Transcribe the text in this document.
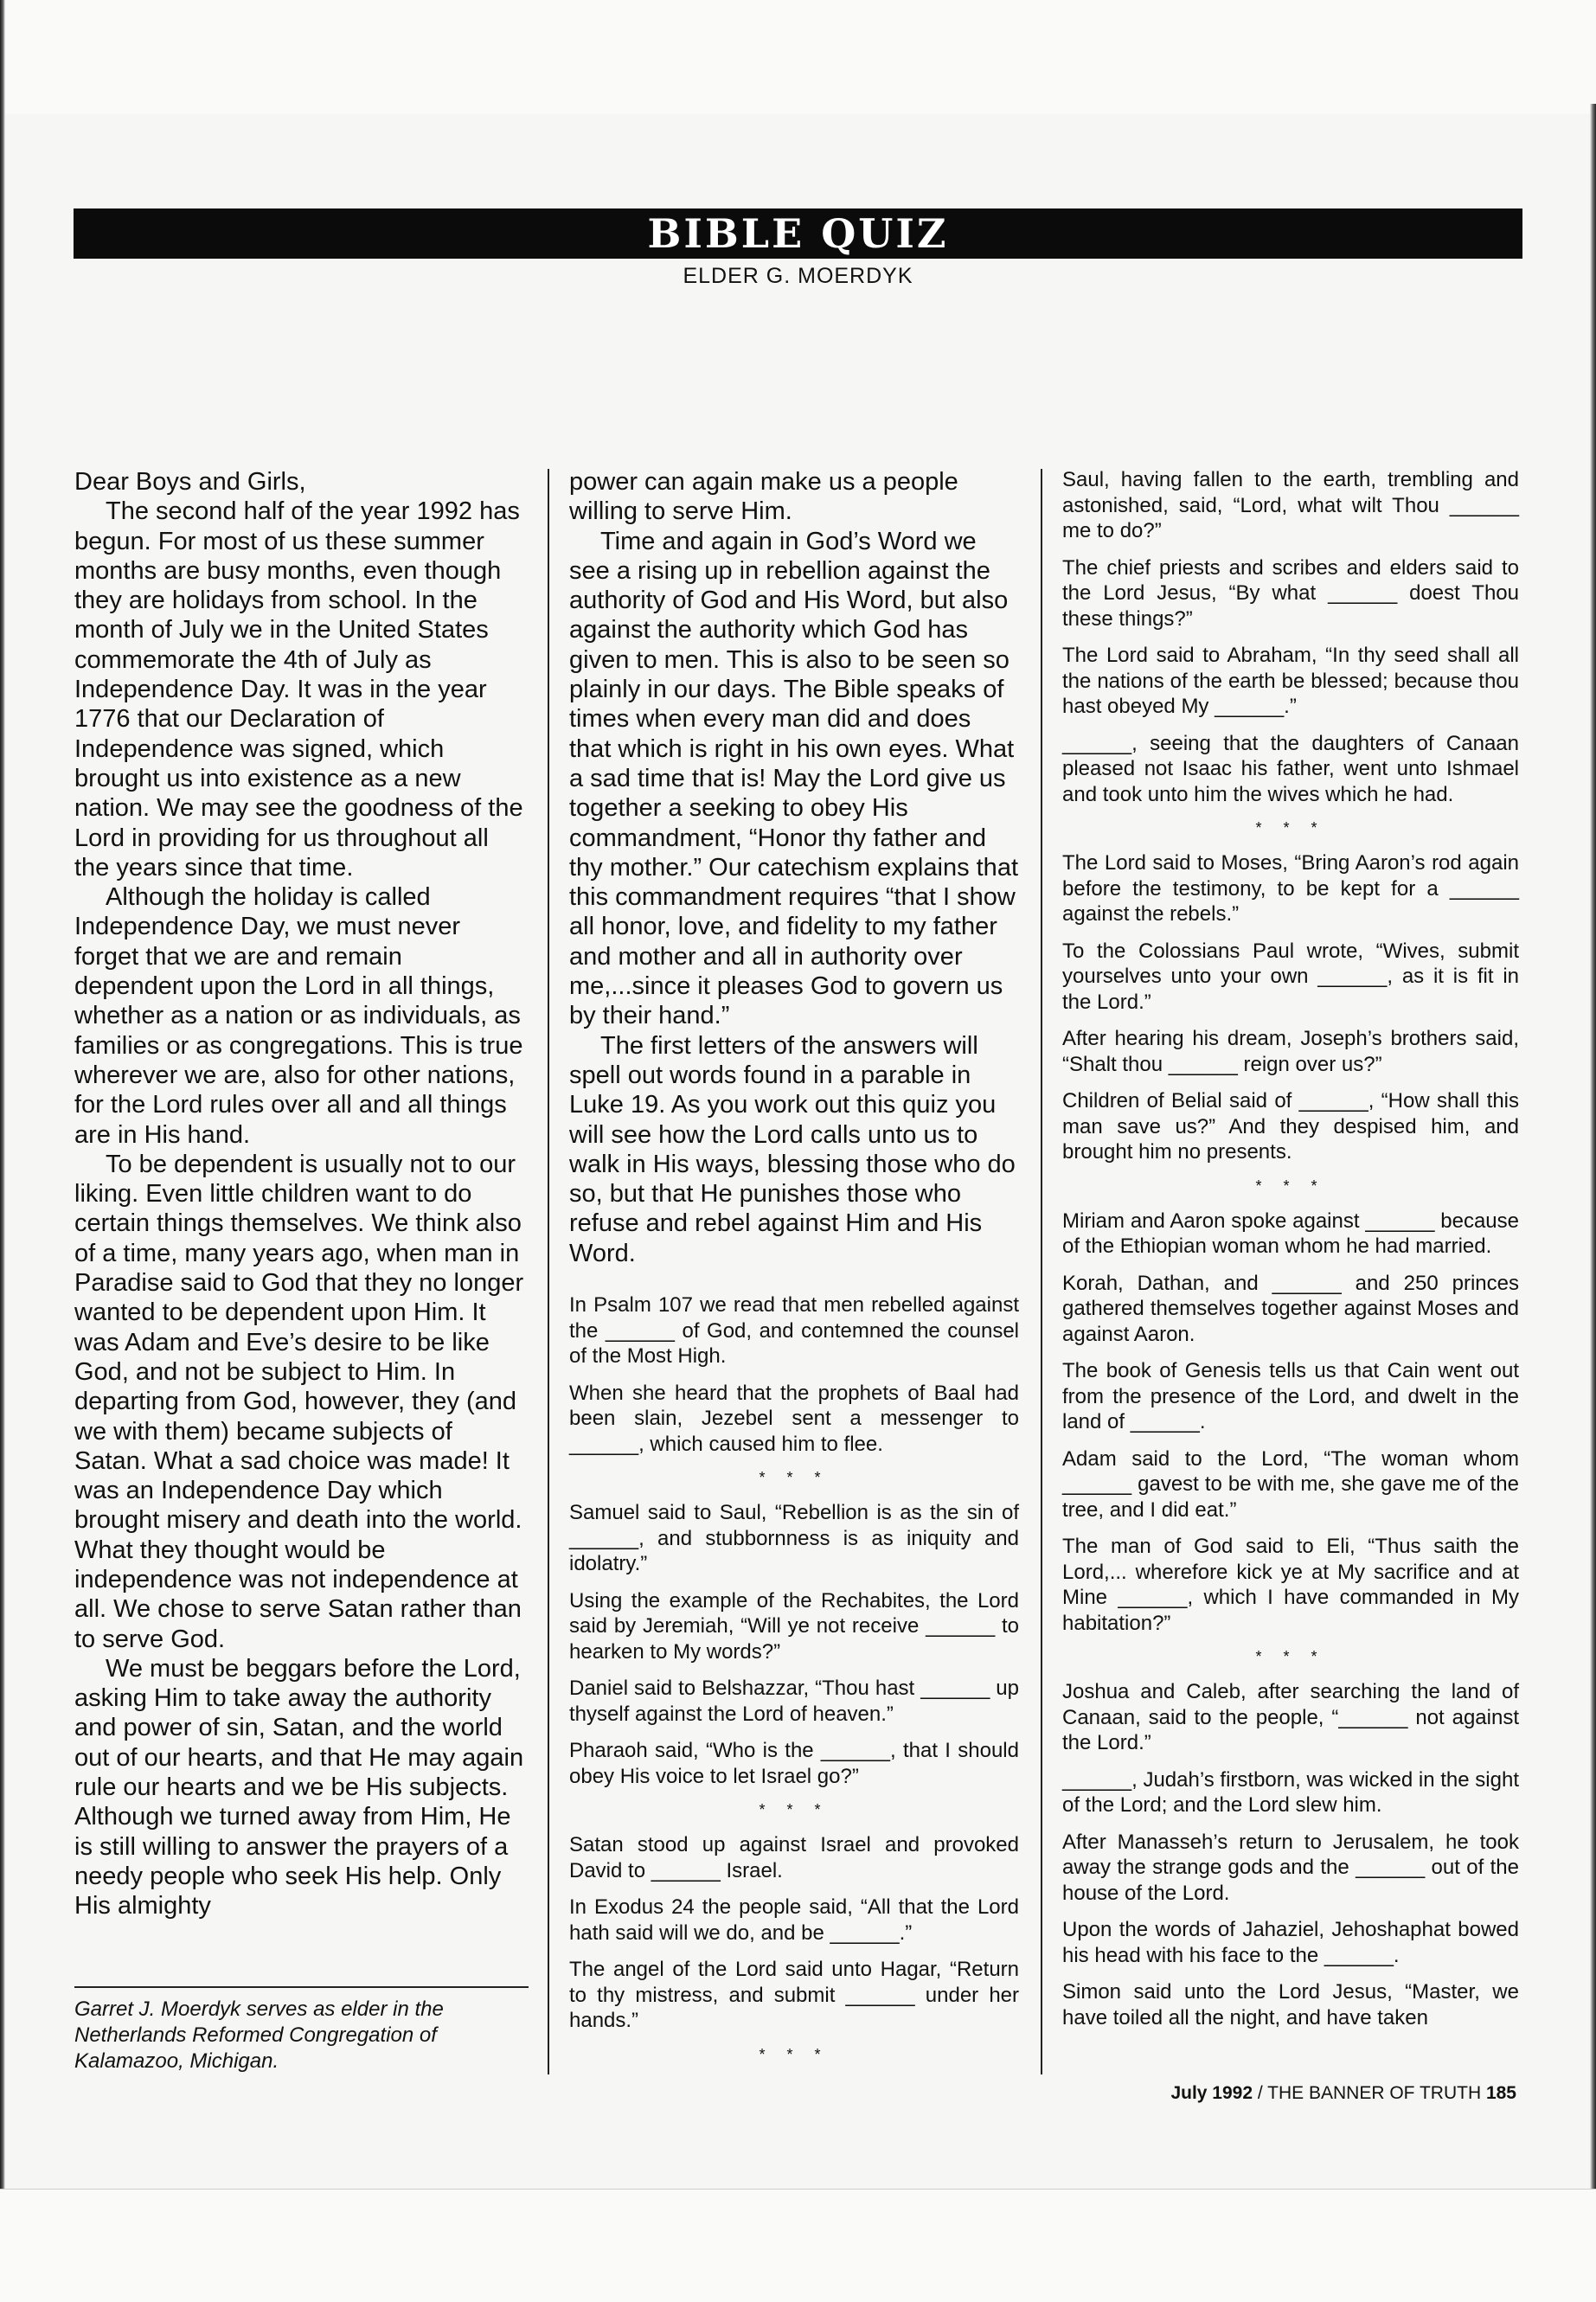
BIBLE QUIZ
ELDER G. MOERDYK

Dear Boys and Girls,

The second half of the year 1992 has begun. For most of us these summer months are busy months, even though they are holidays from school. In the month of July we in the United States commemorate the 4th of July as Independence Day. It was in the year 1776 that our Declaration of Independence was signed, which brought us into existence as a new nation. We may see the goodness of the Lord in providing for us throughout all the years since that time.

Although the holiday is called Independence Day, we must never forget that we are and remain dependent upon the Lord in all things, whether as a nation or as individuals, as families or as congregations. This is true wherever we are, also for other nations, for the Lord rules over all and all things are in His hand.

To be dependent is usually not to our liking. Even little children want to do certain things themselves. We think also of a time, many years ago, when man in Paradise said to God that they no longer wanted to be dependent upon Him. It was Adam and Eve’s desire to be like God, and not be subject to Him. In departing from God, however, they (and we with them) became subjects of Satan. What a sad choice was made! It was an Independence Day which brought misery and death into the world. What they thought would be independence was not independence at all. We chose to serve Satan rather than to serve God.

We must be beggars before the Lord, asking Him to take away the authority and power of sin, Satan, and the world out of our hearts, and that He may again rule our hearts and we be His subjects. Although we turned away from Him, He is still willing to answer the prayers of a needy people who seek His help. Only His almighty

Garret J. Moerdyk serves as elder in the Netherlands Reformed Congregation of Kalamazoo, Michigan.

power can again make us a people willing to serve Him.

Time and again in God’s Word we see a rising up in rebellion against the authority of God and His Word, but also against the authority which God has given to men. This is also to be seen so plainly in our days. The Bible speaks of times when every man did and does that which is right in his own eyes. What a sad time that is! May the Lord give us together a seeking to obey His commandment, “Honor thy father and thy mother.” Our catechism explains that this commandment requires “that I show all honor, love, and fidelity to my father and mother and all in authority over me,...since it pleases God to govern us by their hand.”

The first letters of the answers will spell out words found in a parable in Luke 19. As you work out this quiz you will see how the Lord calls unto us to walk in His ways, blessing those who do so, but that He punishes those who refuse and rebel against Him and His Word.

In Psalm 107 we read that men rebelled against the ______ of God, and contemned the counsel of the Most High.

When she heard that the prophets of Baal had been slain, Jezebel sent a messenger to ______, which caused him to flee.

* * *

Samuel said to Saul, “Rebellion is as the sin of ______, and stubbornness is as iniquity and idolatry.”

Using the example of the Rechabites, the Lord said by Jeremiah, “Will ye not receive ______ to hearken to My words?”

Daniel said to Belshazzar, “Thou hast ______ up thyself against the Lord of heaven.”

Pharaoh said, “Who is the ______, that I should obey His voice to let Israel go?”

* * *

Satan stood up against Israel and provoked David to ______ Israel.

In Exodus 24 the people said, “All that the Lord hath said will we do, and be ______.”

The angel of the Lord said unto Hagar, “Return to thy mistress, and submit ______ under her hands.”

* * *

Saul, having fallen to the earth, trembling and astonished, said, “Lord, what wilt Thou ______ me to do?”

The chief priests and scribes and elders said to the Lord Jesus, “By what ______ doest Thou these things?”

The Lord said to Abraham, “In thy seed shall all the nations of the earth be blessed; because thou hast obeyed My ______.”

______, seeing that the daughters of Canaan pleased not Isaac his father, went unto Ishmael and took unto him the wives which he had.

* * *

The Lord said to Moses, “Bring Aaron’s rod again before the testimony, to be kept for a ______ against the rebels.”

To the Colossians Paul wrote, “Wives, submit yourselves unto your own ______, as it is fit in the Lord.”

After hearing his dream, Joseph’s brothers said, “Shalt thou ______ reign over us?”

Children of Belial said of ______, “How shall this man save us?” And they despised him, and brought him no presents.

* * *

Miriam and Aaron spoke against ______ because of the Ethiopian woman whom he had married.

Korah, Dathan, and ______ and 250 princes gathered themselves together against Moses and against Aaron.

The book of Genesis tells us that Cain went out from the presence of the Lord, and dwelt in the land of ______.

Adam said to the Lord, “The woman whom ______ gavest to be with me, she gave me of the tree, and I did eat.”

The man of God said to Eli, “Thus saith the Lord,... wherefore kick ye at My sacrifice and at Mine ______, which I have commanded in My habitation?”

* * *

Joshua and Caleb, after searching the land of Canaan, said to the people, “______ not against the Lord.”

______, Judah’s firstborn, was wicked in the sight of the Lord; and the Lord slew him.

After Manasseh’s return to Jerusalem, he took away the strange gods and the ______ out of the house of the Lord.

Upon the words of Jahaziel, Jehoshaphat bowed his head with his face to the ______.

Simon said unto the Lord Jesus, “Master, we have toiled all the night, and have taken

July 1992 / THE BANNER OF TRUTH 185
